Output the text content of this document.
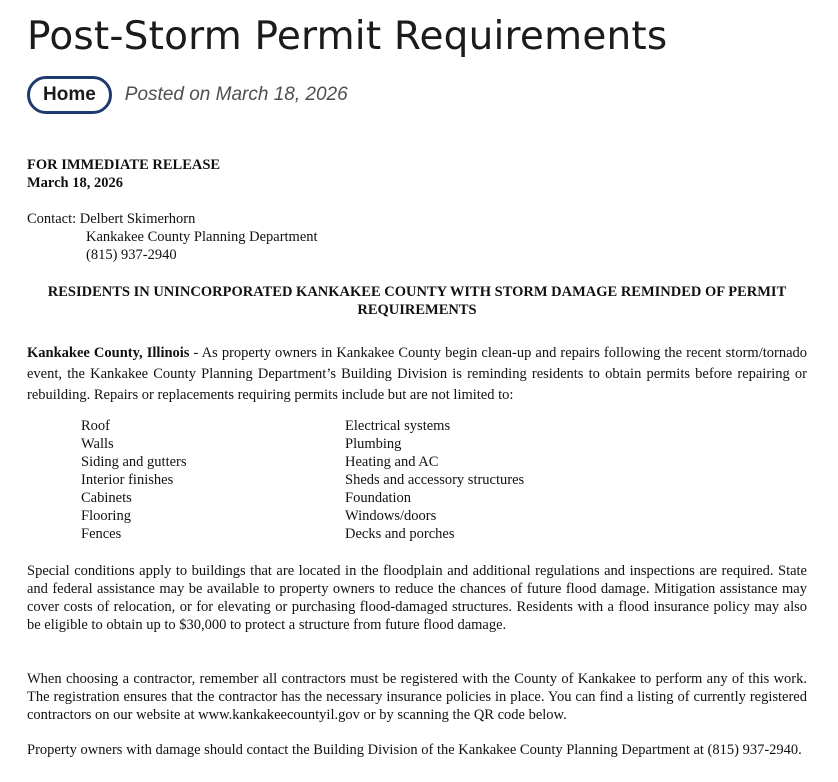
Post-Storm Permit Requirements
Home	Posted on March 18, 2026
FOR IMMEDIATE RELEASE
March 18, 2026
Contact: Delbert Skimerhorn
Kankakee County Planning Department
(815) 937-2940
RESIDENTS IN UNINCORPORATED KANKAKEE COUNTY WITH STORM DAMAGE REMINDED OF PERMIT REQUIREMENTS
Kankakee County, Illinois - As property owners in Kankakee County begin clean-up and repairs following the recent storm/tornado event, the Kankakee County Planning Department’s Building Division is reminding residents to obtain permits before repairing or rebuilding. Repairs or replacements requiring permits include but are not limited to:
Roof	Electrical systems
Walls	Plumbing
Siding and gutters	Heating and AC
Interior finishes	Sheds and accessory structures
Cabinets	Foundation
Flooring	Windows/doors
Fences	Decks and porches
Special conditions apply to buildings that are located in the floodplain and additional regulations and inspections are required. State and federal assistance may be available to property owners to reduce the chances of future flood damage. Mitigation assistance may cover costs of relocation, or for elevating or purchasing flood-damaged structures. Residents with a flood insurance policy may also be eligible to obtain up to $30,000 to protect a structure from future flood damage.
When choosing a contractor, remember all contractors must be registered with the County of Kankakee to perform any of this work. The registration ensures that the contractor has the necessary insurance policies in place. You can find a listing of currently registered contractors on our website at www.kankakeecountyil.gov or by scanning the QR code below.
Property owners with damage should contact the Building Division of the Kankakee County Planning Department at (815) 937-2940.
